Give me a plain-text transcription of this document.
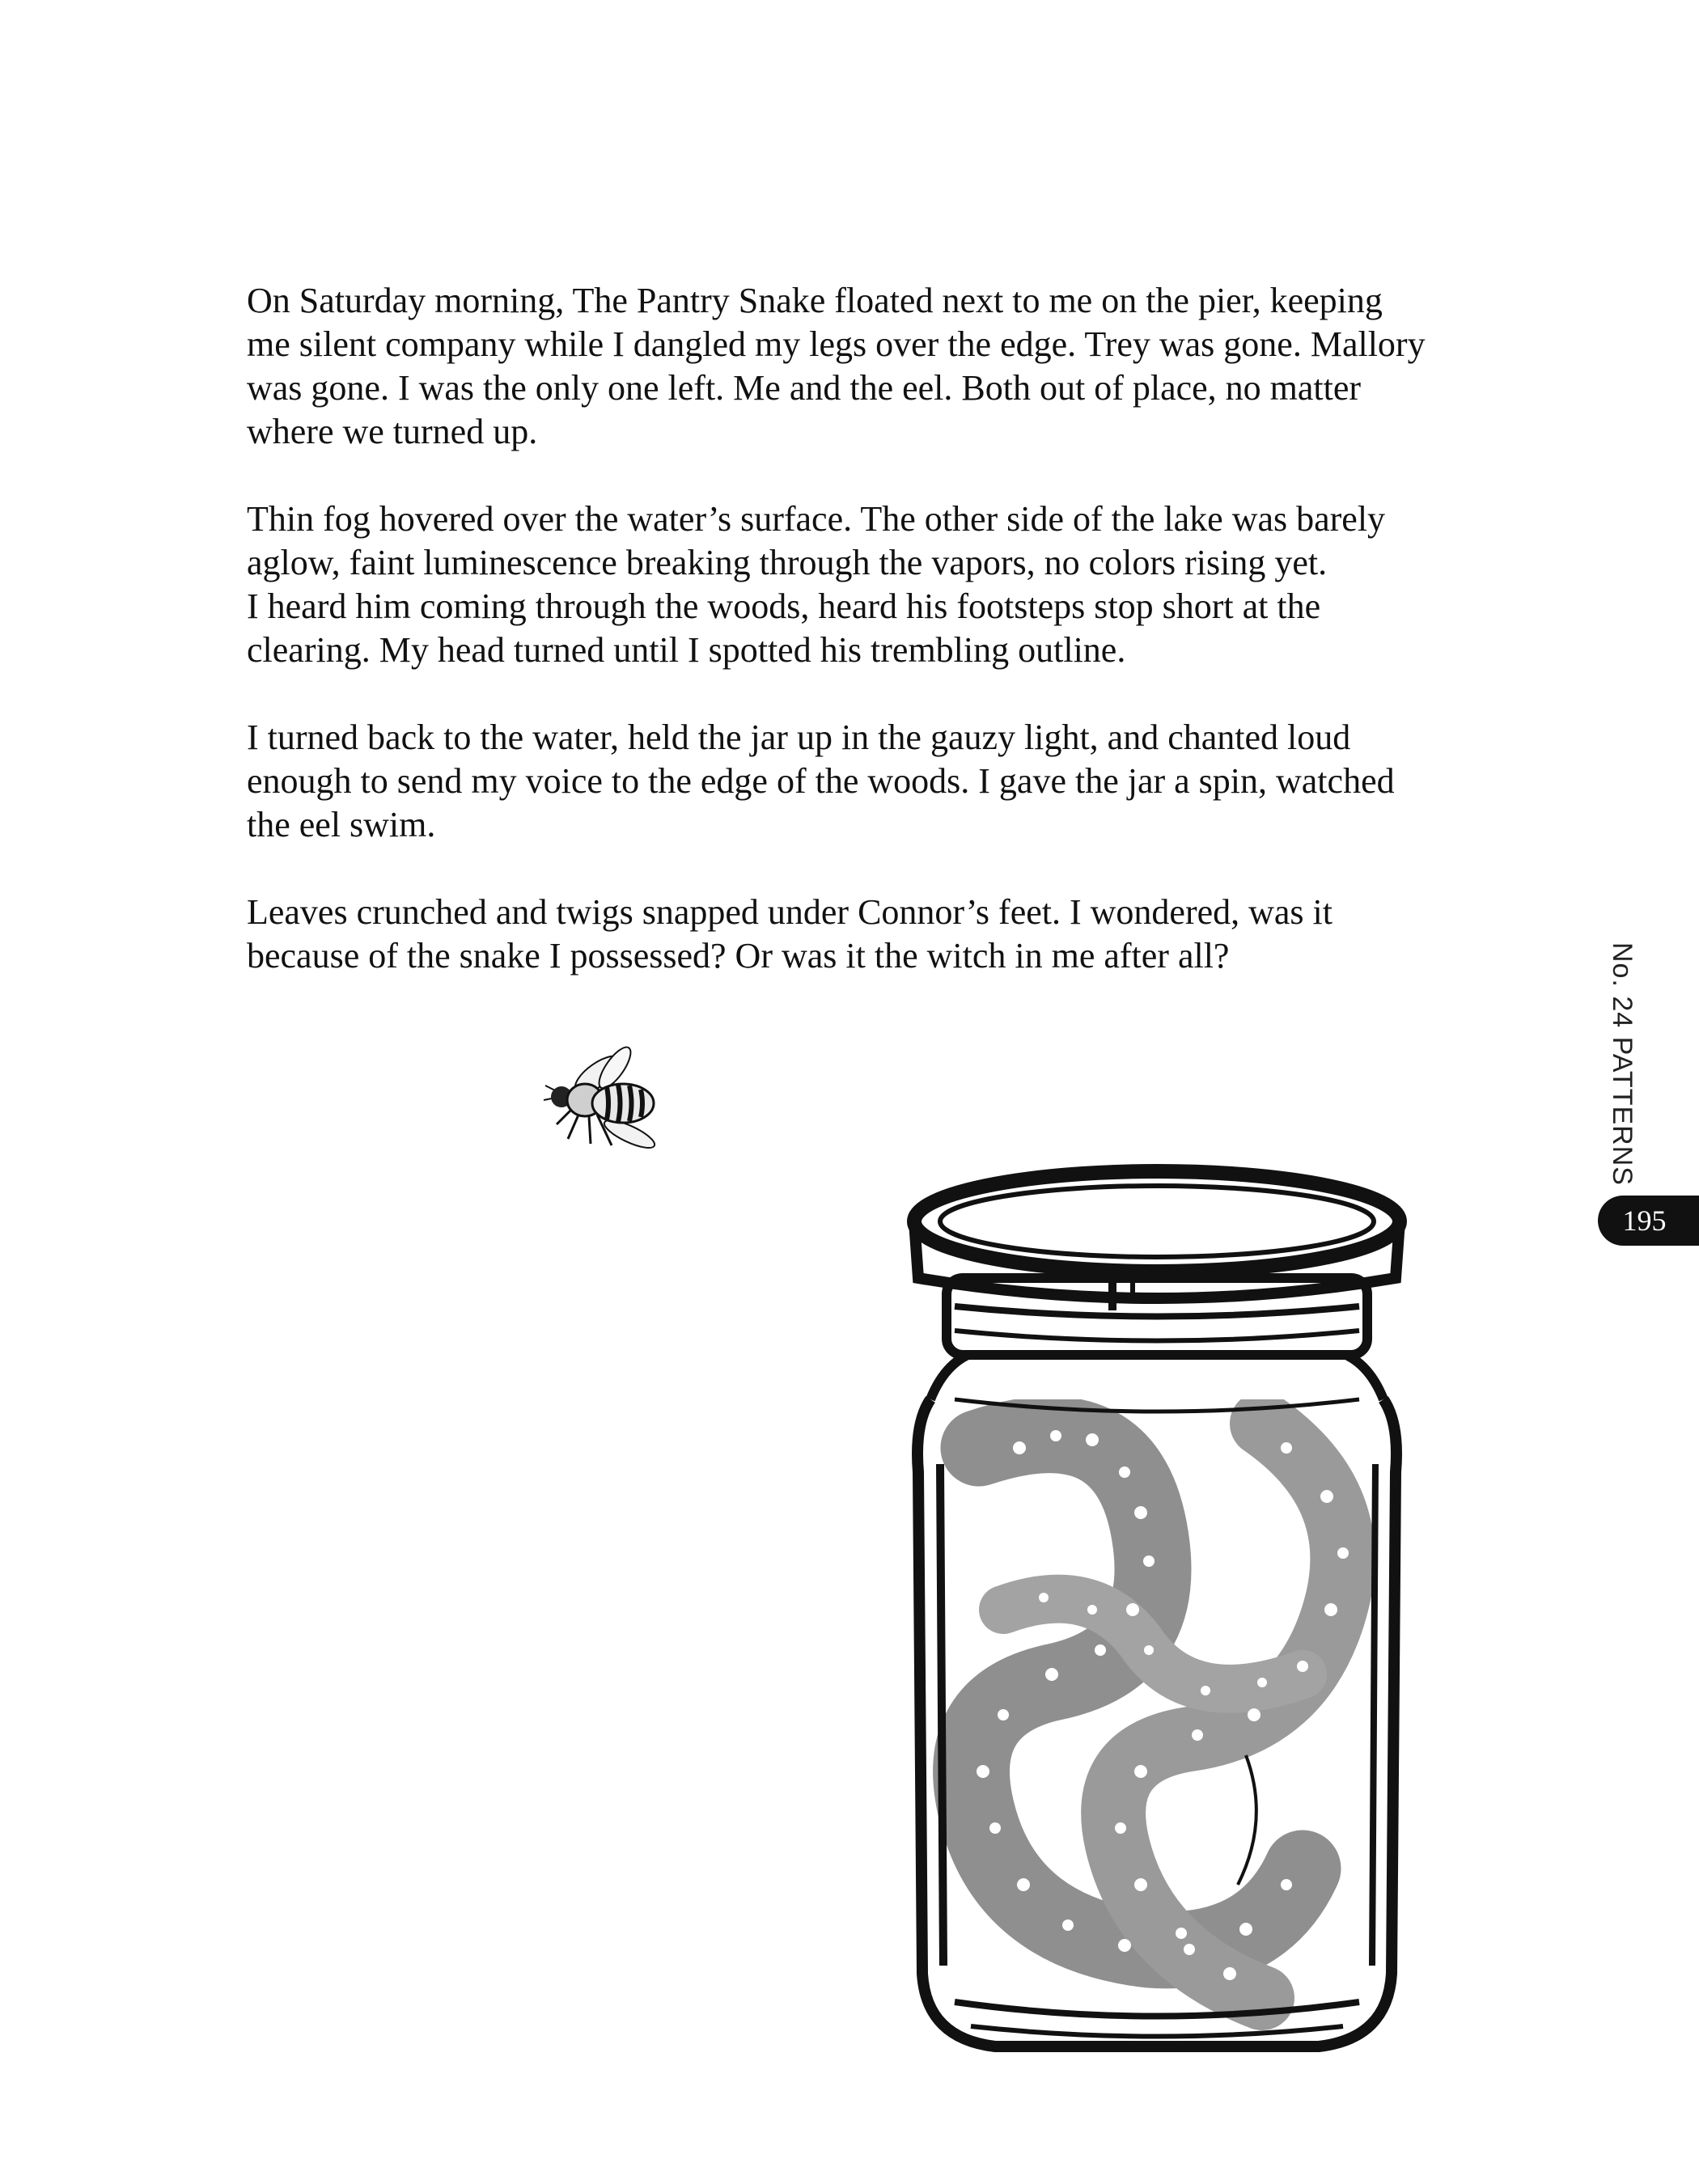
On Saturday morning, The Pantry Snake floated next to me on the pier, keeping
me silent company while I dangled my legs over the edge. Trey was gone. Mallory
was gone. I was the only one left. Me and the eel. Both out of place, no matter
where we turned up.

Thin fog hovered over the water’s surface. The other side of the lake was barely
aglow, faint luminescence breaking through the vapors, no colors rising yet.
I heard him coming through the woods, heard his footsteps stop short at the
clearing. My head turned until I spotted his trembling outline.

I turned back to the water, held the jar up in the gauzy light, and chanted loud
enough to send my voice to the edge of the woods. I gave the jar a spin, watched
the eel swim.

Leaves crunched and twigs snapped under Connor’s feet. I wondered, was it
because of the snake I possessed? Or was it the witch in me after all?	No. 24 PATTERNS
195
